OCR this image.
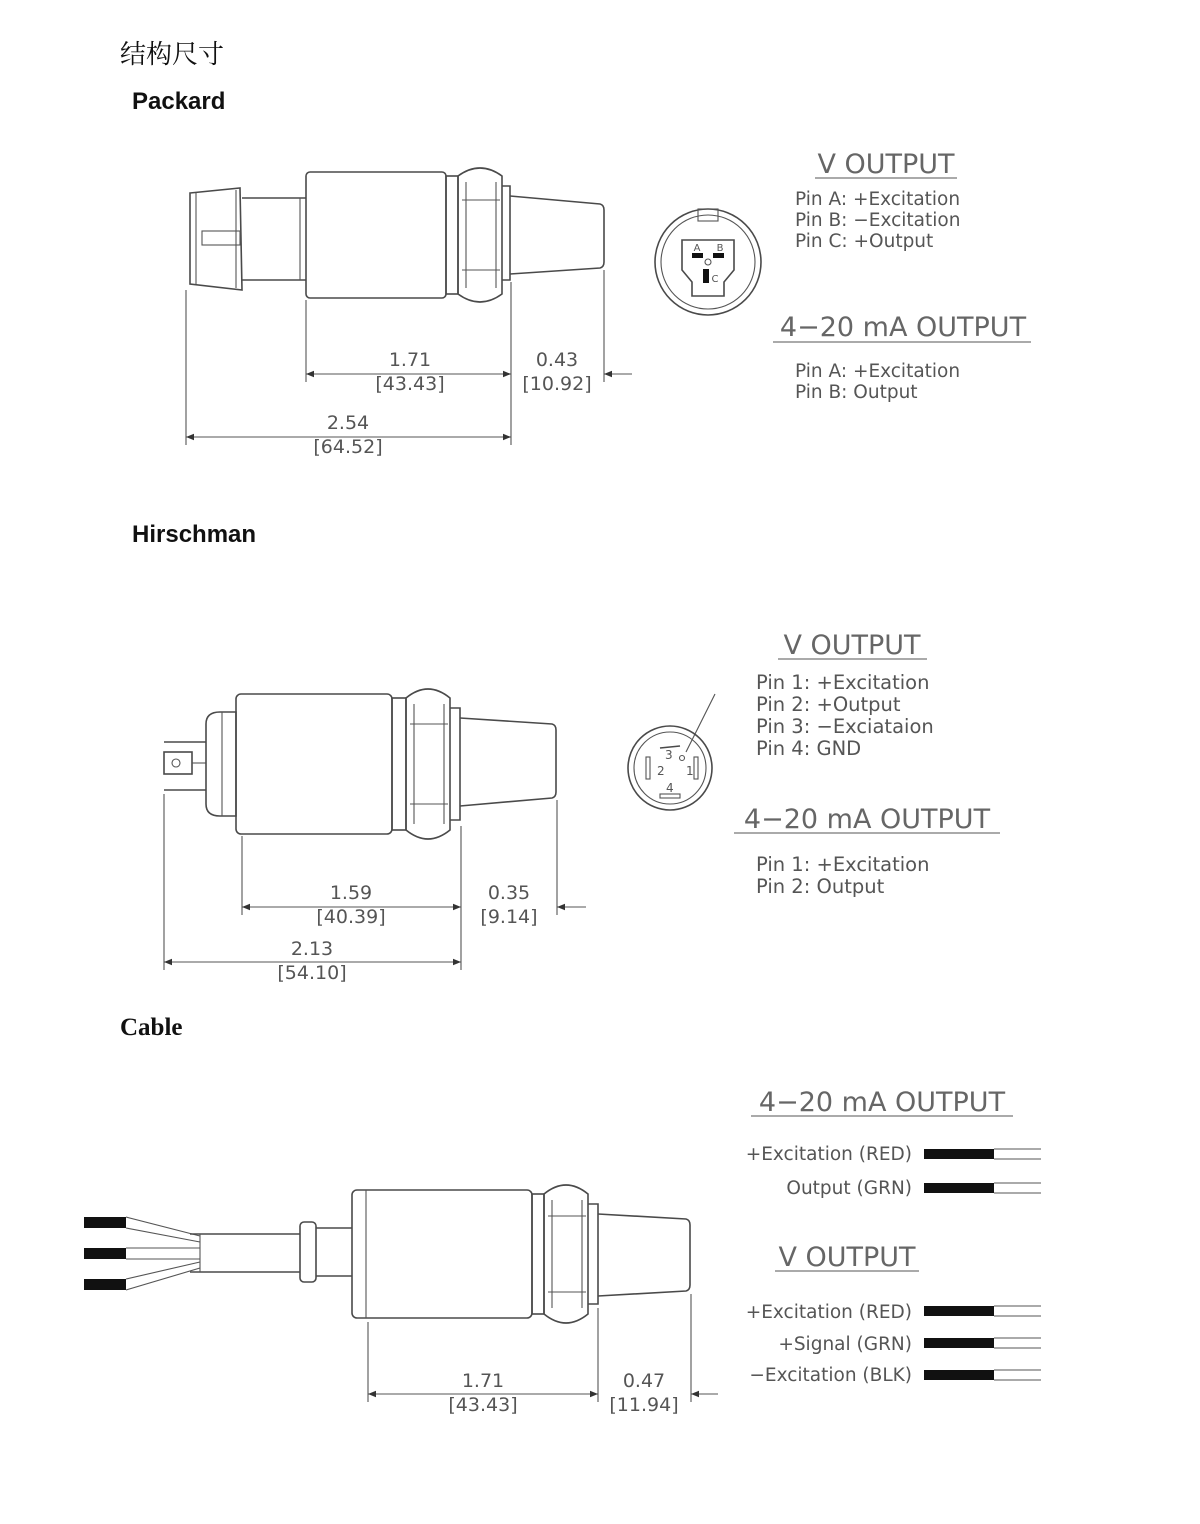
结构尺寸
Packard
Hirschman
Cable
1.71
[43.43]
0.43
[10.92]
2.54
[64.52]
A B
C
V OUTPUT
Pin A: +Excitation
Pin B: −Excitation
Pin C: +Output
4−20 mA OUTPUT
Pin A: +Excitation
Pin B: Output
1.59
[40.39]
0.35
[9.14]
2.13
[54.10]
2 1
3
4
V OUTPUT
Pin 1: +Excitation
Pin 2: +Output
Pin 3: −Exciataion
Pin 4: GND
4−20 mA OUTPUT
Pin 1: +Excitation
Pin 2: Output
1.71
[43.43]
0.47
[11.94]
4−20 mA OUTPUT
+Excitation (RED)
Output (GRN)
V OUTPUT
+Excitation (RED)
+Signal (GRN)
−Excitation (BLK)
